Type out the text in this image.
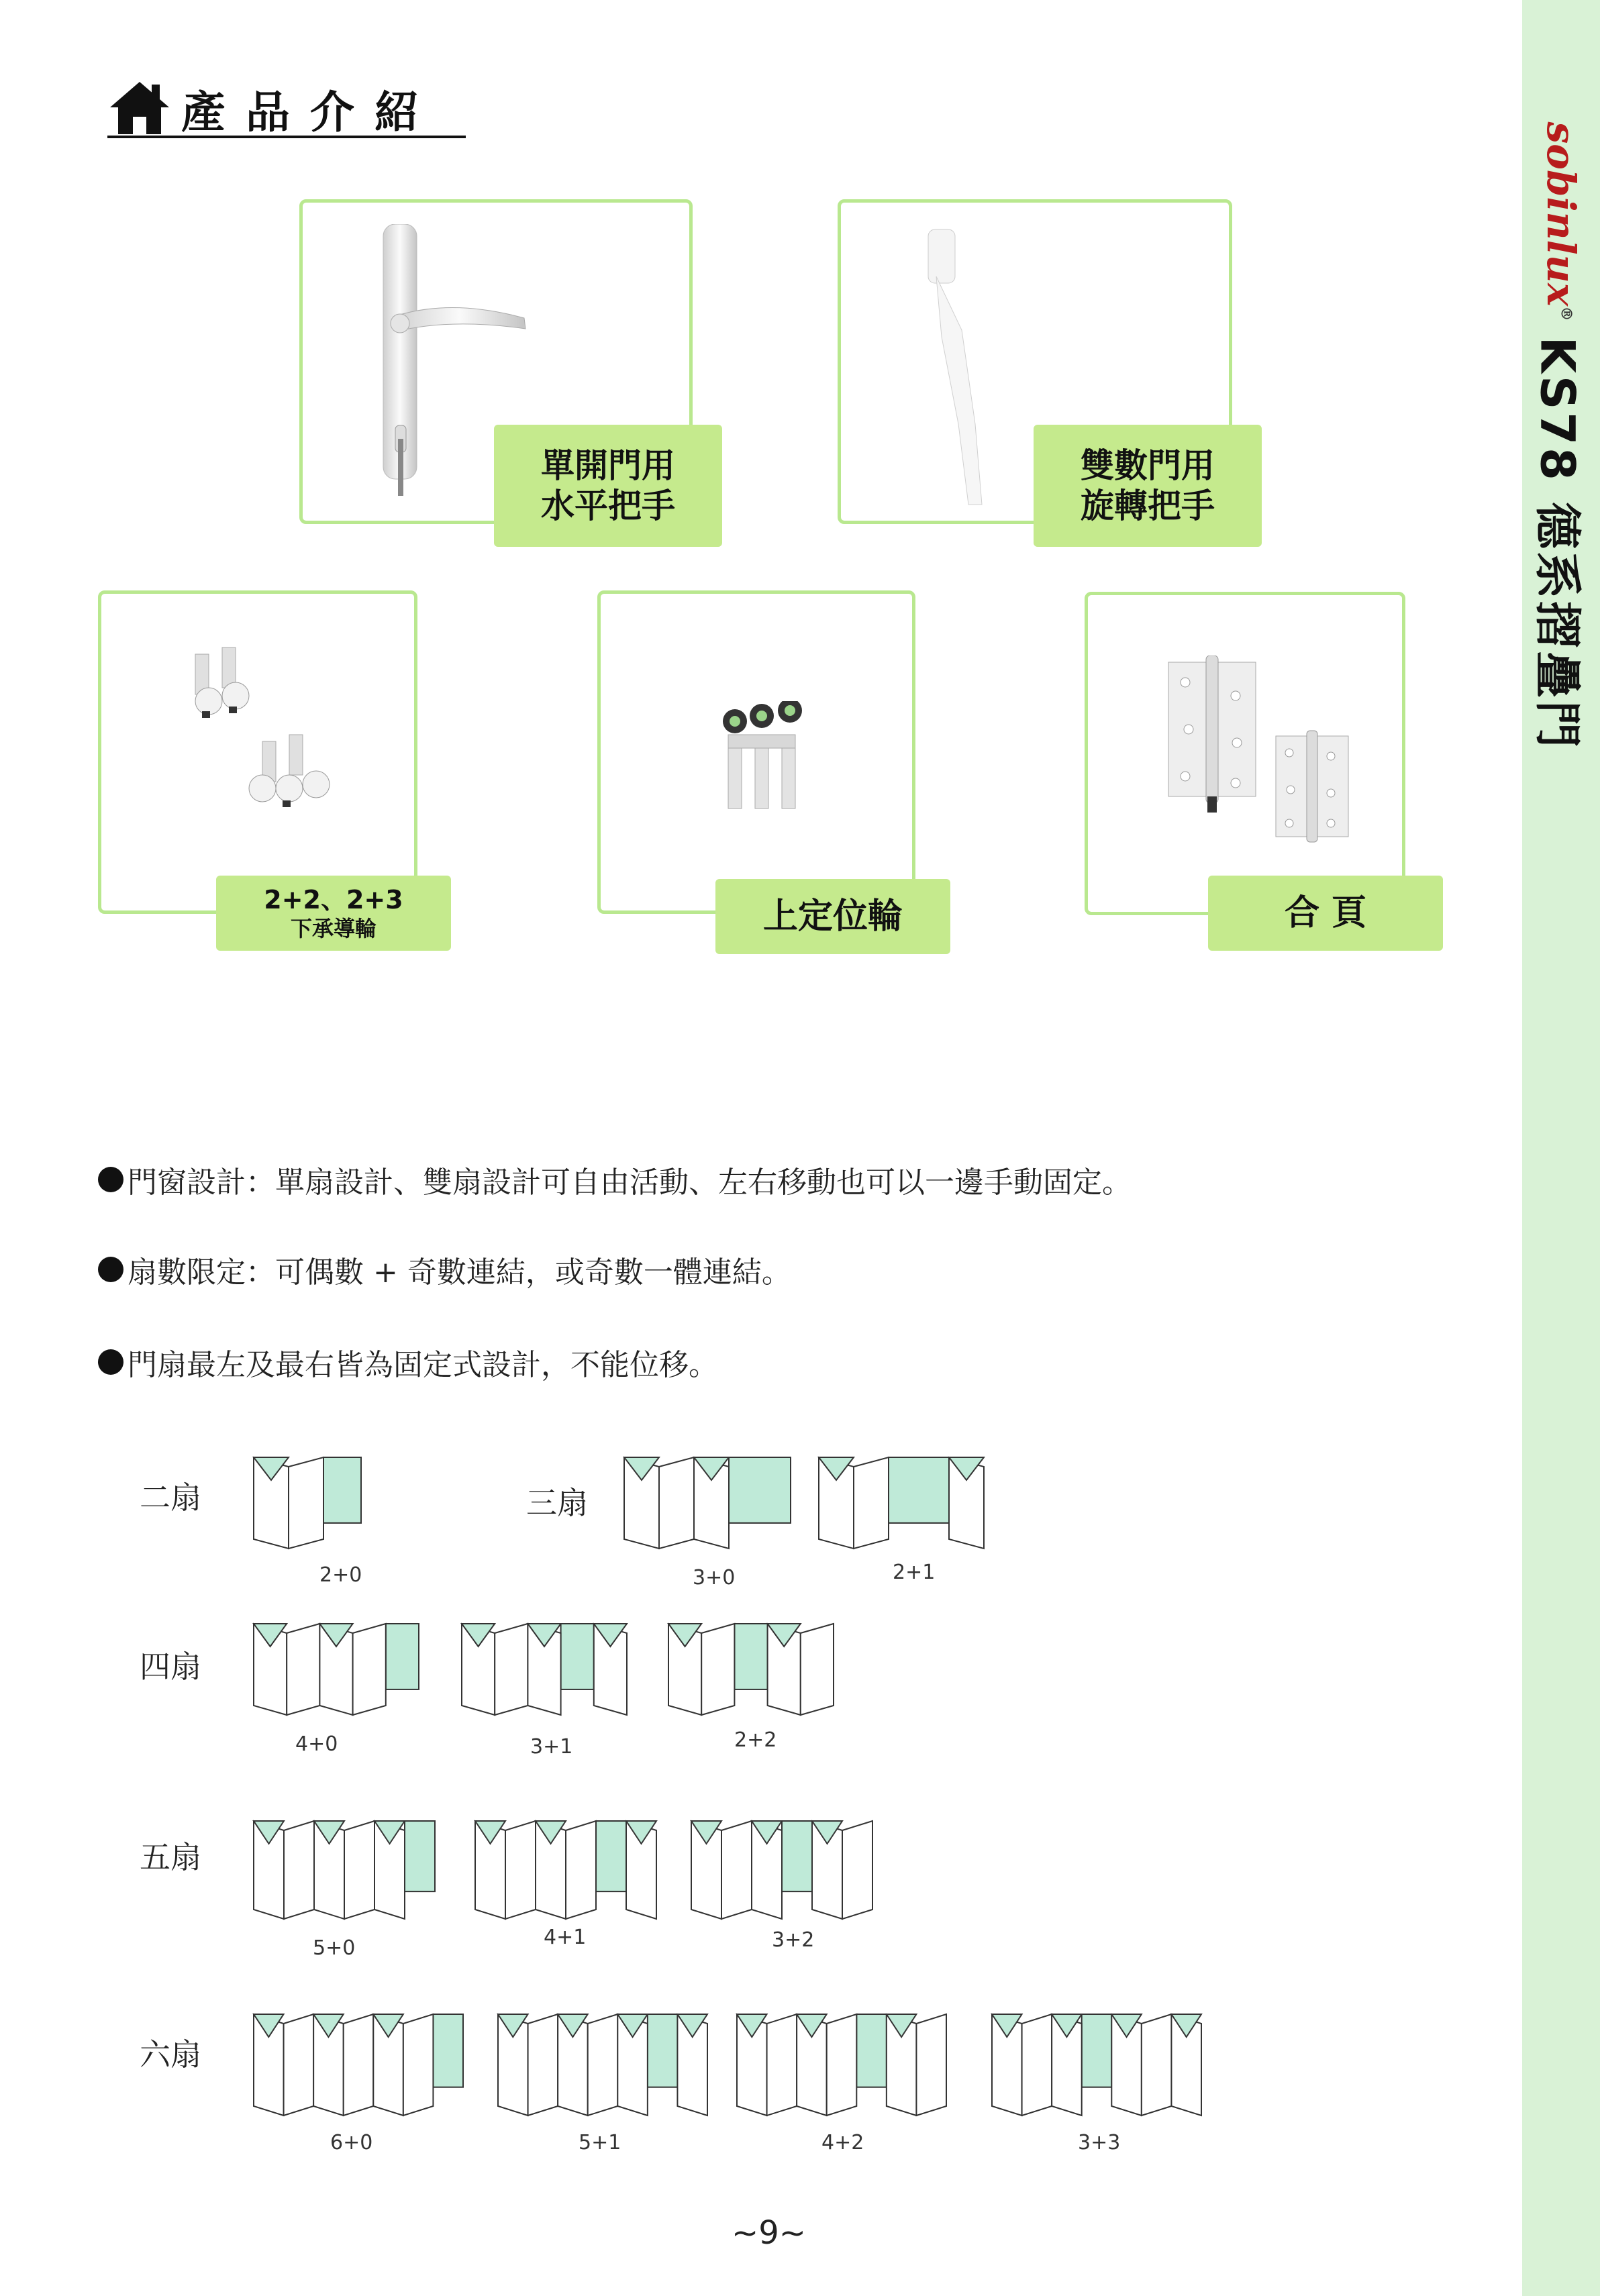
sobinlux®
KS78 德系摺疊門
產品介紹
單開門用
水平把手
雙數門用
旋轉把手
2+2、2+3
下承導輪	上定位輪	合 頁
門窗設計：單扇設計、雙扇設計可自由活動、左右移動也可以一邊手動固定。
扇數限定：可偶數 + 奇數連結，或奇數一體連結。
門扇最左及最右皆為固定式設計，不能位移。
二扇	三扇
四扇
五扇
六扇
2+0	3+0	2+1
4+0	3+1	2+2
5+0	4+1	3+2
6+0	5+1	4+2	3+3
~9~
